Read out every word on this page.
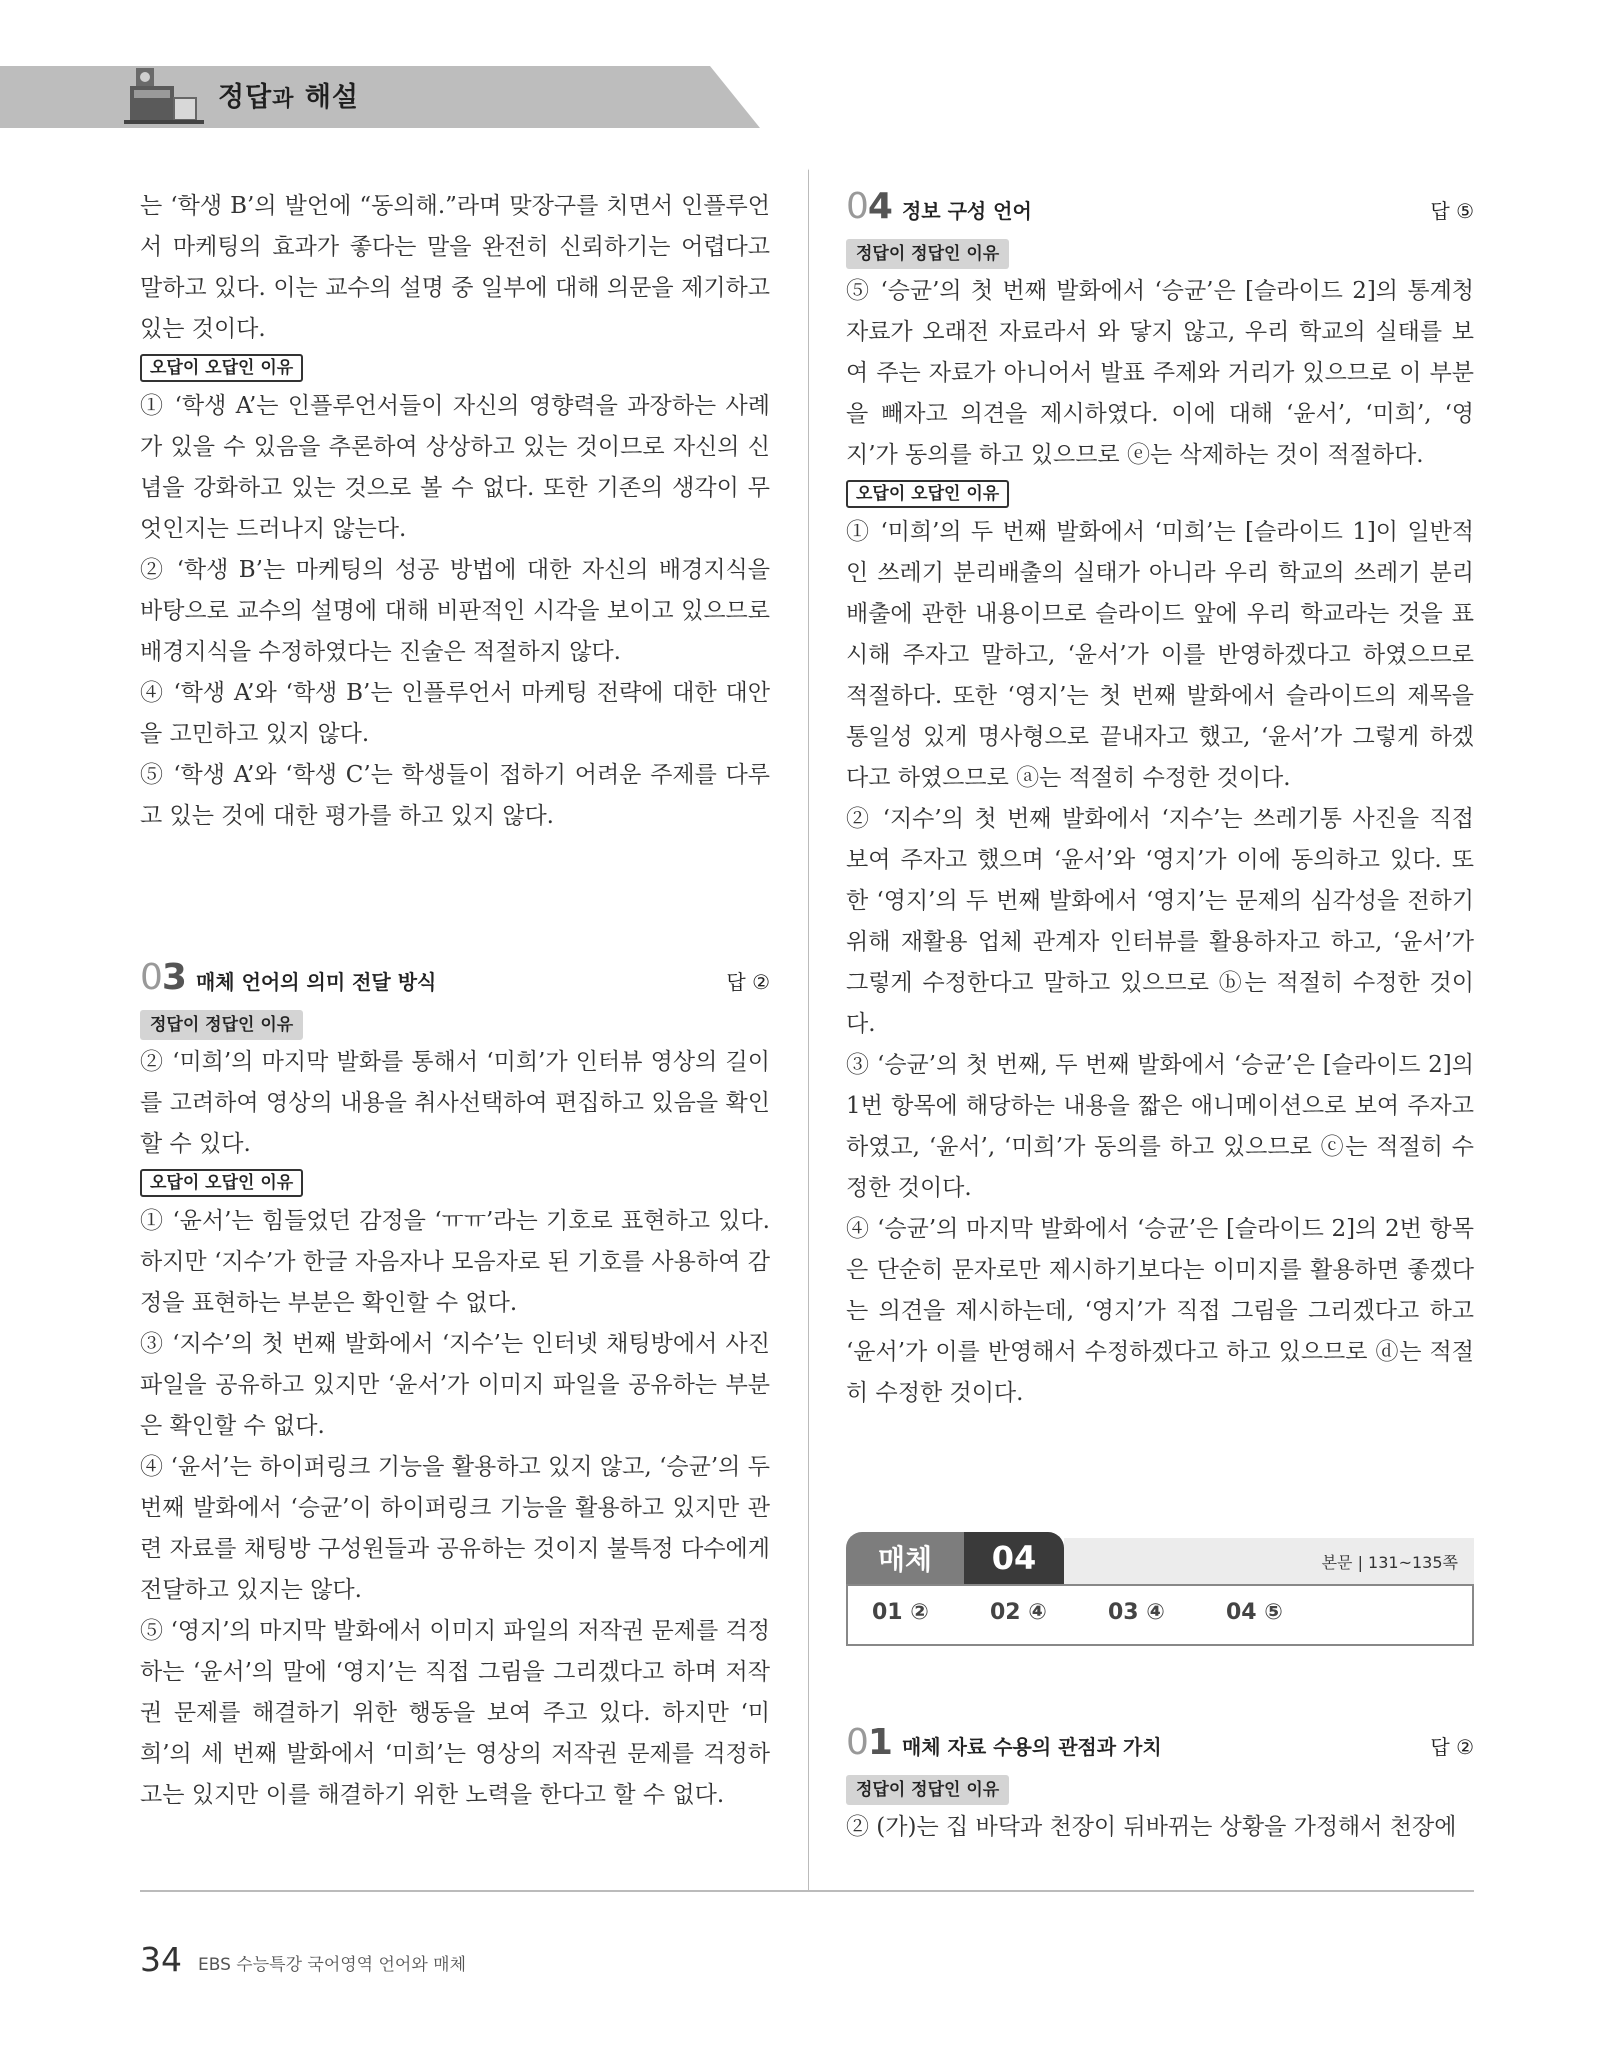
정답과 해설

는 ‘학생 B’의 발언에 “동의해.”라며 맞장구를 치면서 인플루언서 마케팅의 효과가 좋다는 말을 완전히 신뢰하기는 어렵다고 말하고 있다. 이는 교수의 설명 중 일부에 대해 의문을 제기하고 있는 것이다.

오답이 오답인 이유

① ‘학생 A’는 인플루언서들이 자신의 영향력을 과장하는 사례가 있을 수 있음을 추론하여 상상하고 있는 것이므로 자신의 신념을 강화하고 있는 것으로 볼 수 없다. 또한 기존의 생각이 무엇인지는 드러나지 않는다.

② ‘학생 B’는 마케팅의 성공 방법에 대한 자신의 배경지식을 바탕으로 교수의 설명에 대해 비판적인 시각을 보이고 있으므로 배경지식을 수정하였다는 진술은 적절하지 않다.

④ ‘학생 A’와 ‘학생 B’는 인플루언서 마케팅 전략에 대한 대안을 고민하고 있지 않다.

⑤ ‘학생 A’와 ‘학생 C’는 학생들이 접하기 어려운 주제를 다루고 있는 것에 대한 평가를 하고 있지 않다.

03 매체 언어의 의미 전달 방식	답 ②
정답이 정답인 이유

② ‘미희’의 마지막 발화를 통해서 ‘미희’가 인터뷰 영상의 길이를 고려하여 영상의 내용을 취사선택하여 편집하고 있음을 확인할 수 있다.

오답이 오답인 이유

① ‘윤서’는 힘들었던 감정을 ‘ㅠㅠ’라는 기호로 표현하고 있다. 하지만 ‘지수’가 한글 자음자나 모음자로 된 기호를 사용하여 감정을 표현하는 부분은 확인할 수 없다.

③ ‘지수’의 첫 번째 발화에서 ‘지수’는 인터넷 채팅방에서 사진 파일을 공유하고 있지만 ‘윤서’가 이미지 파일을 공유하는 부분은 확인할 수 없다.

④ ‘윤서’는 하이퍼링크 기능을 활용하고 있지 않고, ‘승균’의 두 번째 발화에서 ‘승균’이 하이퍼링크 기능을 활용하고 있지만 관련 자료를 채팅방 구성원들과 공유하는 것이지 불특정 다수에게 전달하고 있지는 않다.

⑤ ‘영지’의 마지막 발화에서 이미지 파일의 저작권 문제를 걱정하는 ‘윤서’의 말에 ‘영지’는 직접 그림을 그리겠다고 하며 저작권 문제를 해결하기 위한 행동을 보여 주고 있다. 하지만 ‘미희’의 세 번째 발화에서 ‘미희’는 영상의 저작권 문제를 걱정하고는 있지만 이를 해결하기 위한 노력을 한다고 할 수 없다.

04 정보 구성 언어	답 ⑤
정답이 정답인 이유

⑤ ‘승균’의 첫 번째 발화에서 ‘승균’은 [슬라이드 2]의 통계청 자료가 오래전 자료라서 와 닿지 않고, 우리 학교의 실태를 보여 주는 자료가 아니어서 발표 주제와 거리가 있으므로 이 부분을 빼자고 의견을 제시하였다. 이에 대해 ‘윤서’, ‘미희’, ‘영지’가 동의를 하고 있으므로 ⓔ는 삭제하는 것이 적절하다.

오답이 오답인 이유

① ‘미희’의 두 번째 발화에서 ‘미희’는 [슬라이드 1]이 일반적인 쓰레기 분리배출의 실태가 아니라 우리 학교의 쓰레기 분리배출에 관한 내용이므로 슬라이드 앞에 우리 학교라는 것을 표시해 주자고 말하고, ‘윤서’가 이를 반영하겠다고 하였으므로 적절하다. 또한 ‘영지’는 첫 번째 발화에서 슬라이드의 제목을 통일성 있게 명사형으로 끝내자고 했고, ‘윤서’가 그렇게 하겠다고 하였으므로 ⓐ는 적절히 수정한 것이다.

② ‘지수’의 첫 번째 발화에서 ‘지수’는 쓰레기통 사진을 직접 보여 주자고 했으며 ‘윤서’와 ‘영지’가 이에 동의하고 있다. 또한 ‘영지’의 두 번째 발화에서 ‘영지’는 문제의 심각성을 전하기 위해 재활용 업체 관계자 인터뷰를 활용하자고 하고, ‘윤서’가 그렇게 수정한다고 말하고 있으므로 ⓑ는 적절히 수정한 것이다.

③ ‘승균’의 첫 번째, 두 번째 발화에서 ‘승균’은 [슬라이드 2]의 1번 항목에 해당하는 내용을 짧은 애니메이션으로 보여 주자고 하였고, ‘윤서’, ‘미희’가 동의를 하고 있으므로 ⓒ는 적절히 수정한 것이다.

④ ‘승균’의 마지막 발화에서 ‘승균’은 [슬라이드 2]의 2번 항목은 단순히 문자로만 제시하기보다는 이미지를 활용하면 좋겠다는 의견을 제시하는데, ‘영지’가 직접 그림을 그리겠다고 하고 ‘윤서’가 이를 반영해서 수정하겠다고 하고 있으므로 ⓓ는 적절히 수정한 것이다.

매체	04	본문 | 131~135쪽
01 ②	02 ④	03 ④	04 ⑤
01 매체 자료 수용의 관점과 가치	답 ②
정답이 정답인 이유

② (가)는 집 바닥과 천장이 뒤바뀌는 상황을 가정해서 천장에

34 EBS 수능특강 국어영역 언어와 매체
